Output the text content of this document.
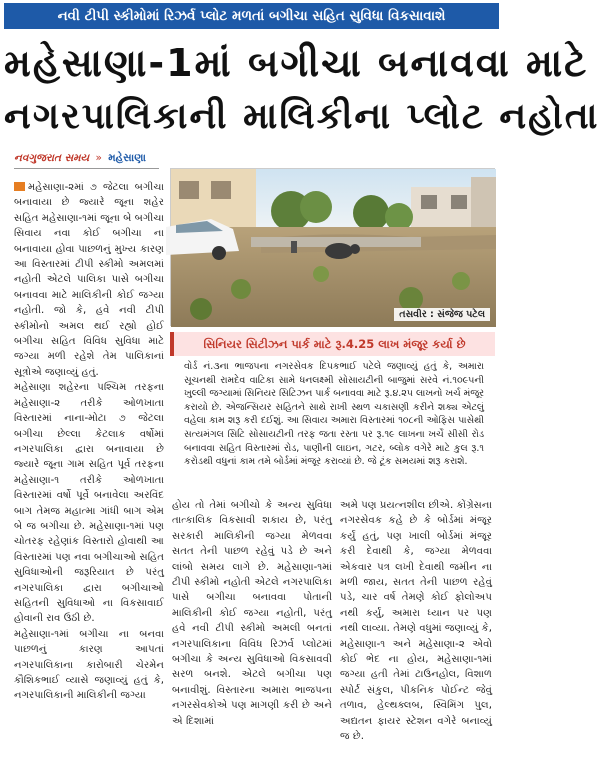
નવી ટીપી સ્કીમોમાં રિઝર્વ પ્લોટ મળતાં બગીચા સહિત સુવિધા વિકસાવાશે
મહેસાણા-1માં બગીચા બનાવવા માટે
નગરપાલિકાની માલિકીના પ્લોટ નહોતા
નવગુજરાત સમય » મહેસાણા
તસવીર : સંજેજ પટેલ
સિનિયર સિટીઝન પાર્ક માટે રૂ.4.25 લાખ મંજૂર કર્યા છે
વોર્ડ નં.૩ના ભાજપના નગરસેવક દિપકભાઈ પટેલે જણાવ્યું હતું કે, અમારા સૂચનથી રામદેવ વાટિકા સામે ધનલક્ષ્મી સોસાયટીની બાજુમાં સરવે નં.૧૦૯૫ની ખુલ્લી જગ્યામાં સિનિયર સિટિઝન પાર્ક બનાવવા માટે રૂ.૪.૨૫ લાખનો ખર્ચ મંજૂર કરાયો છે. એજન્સિયર સહિતને સાથે રાખી સ્થળ ચકાસણી કરીને શક્ય એટલું વહેલા કામ શરૂ કરી દઈશું. આ સિવાય અમારા વિસ્તારમાં ૧૦૮ની ઓફિસ પાસેથી સત્યમંગલ સિટિ સોસાયટીની તરફ જતા રસ્તા પર રૂ.૧૯ લાખના ખર્ચે સીસી રોડ બનાવવા સહિત વિસ્તારમાં રોડ, પાણીની લાઇન, ગટર, બ્લોક વગેરે માટે કુલ રૂ.૧ કરોડથી વધુનાં કામ તમે બોર્ડમાં મંજૂર કરાવ્યાં છે. જે ટૂંક સમયમાં શરૂ કરાશે.

મહેસાણા-૨માં ૭ જેટલા બગીચા બનાવાયા છે જ્યારે જૂના શહેર સહિત મહેસાણા-૧માં જૂના બે બગીચા સિવાય નવા કોઈ બગીચા ના બનાવાયા હોવા પાછળનું મુખ્ય કારણ આ વિસ્તારમાં ટીપી સ્કીમો અમલમાં નહોતી એટલે પાલિકા પાસે બગીચા બનાવવા માટે માલિકીની કોઈ જગ્યા નહોતી. જો કે, હવે નવી ટીપી સ્કીમોનો અમલ થઈ રહ્યો હોઈ બગીચા સહિત વિવિધ સુવિધા માટે જગ્યા મળી રહેશે તેમ પાલિકાનાં સૂત્રોએ જણાવ્યું હતું.

મહેસાણા શહેરના પશ્ચિમ તરફના મહેસાણા-૨ તરીકે ઓળખાતા વિસ્તારમાં નાના-મોટા ૭ જેટલા બગીચા છેલ્લા કેટલાક વર્ષોમાં નગરપાલિકા દ્વારા બનાવાયા છે જ્યારે જૂના ગામ સહિત પૂર્વ તરફના મહેસાણા-૧ તરીકે ઓળખાતા વિસ્તારમાં વર્ષો પૂર્વે બનાવેલા અરવિંદ બાગ તેમજ મહાત્મા ગાંધી બાગ એમ બે જ બગીચા છે. મહેસાણા-૧માં પણ ચોતરફ રહેણાંક વિસ્તારો હોવાથી આ વિસ્તારમાં પણ નવા બગીચાઓ સહિત સુવિધાઓની જરૂરિયાત છે પરંતુ નગરપાલિકા દ્વારા બગીચાઓ સહિતની સુવિધાઓ ના વિકસાવાઈ હોવાની રાવ ઉઠી છે.

મહેસાણા-૧માં બગીચા ના બનવા પાછળનું કારણ આપતાં નગરપાલિકાના કારોબારી ચેરમેન કૌશિકભાઈ વ્યાસે જણાવ્યું હતું કે, નગરપાલિકાની માલિકીની જગ્યા

હોય તો તેમાં બગીચો કે અન્ય સુવિધા તાત્કાલિક વિકસાવી શકાય છે, પરંતુ સરકારી માલિકીની જગ્યા મેળવવા સતત તેની પાછળ રહેવું પડે છે અને લાંબો સમય લાગે છે. મહેસાણા-૧માં ટીપી સ્કીમો નહોતી એટલે નગરપાલિકા પાસે બગીચા બનાવવા પોતાની માલિકીની કોઈ જગ્યા નહોતી, પરંતુ હવે નવી ટીપી સ્કીમો અમલી બનતાં નગરપાલિકાના વિવિધ રિઝર્વ પ્લોટમાં બગીચા કે અન્ય સુવિધાઓ વિકસાવવી સરળ બનશે. એટલે બગીચા પણ બનાવીશું. વિસ્તારના અમારા ભાજપના નગરસેવકોએ પણ માગણી કરી છે અને એ દિશામાં

અમે પણ પ્રયત્નશીલ છીએ. કોંગ્રેસના નગરસેવક કહે છે કે બોર્ડમાં મંજૂર કર્યું હતું, પણ ખાલી બોર્ડમાં મંજૂર કરી દેવાથી કે, જગ્યા મેળવવા એકવાર પત્ર લખી દેવાથી જમીન ના મળી જાય, સતત તેની પાછળ રહેવું પડે, ચાર વર્ષ તેમણે કોઈ ફોલોઅપ નથી કર્યું, અમારા ધ્યાન પર પણ નથી લાવ્યા. તેમણે વધુમાં જણાવ્યું કે, મહેસાણા-૧ અને મહેસાણા-૨ એવો કોઈ ભેદ ના હોય, મહેસાણા-૧માં જગ્યા હતી તેમાં ટાઉનહોલ, વિશાળ સ્પોર્ટ સંકુલ, પીકનિક પોઈન્ટ જેવું તળાવ, હેલ્થક્લબ, સ્વિમિંગ પુલ, અદ્યતન ફાયર સ્ટેશન વગેરે બનાવ્યું જ છે.
